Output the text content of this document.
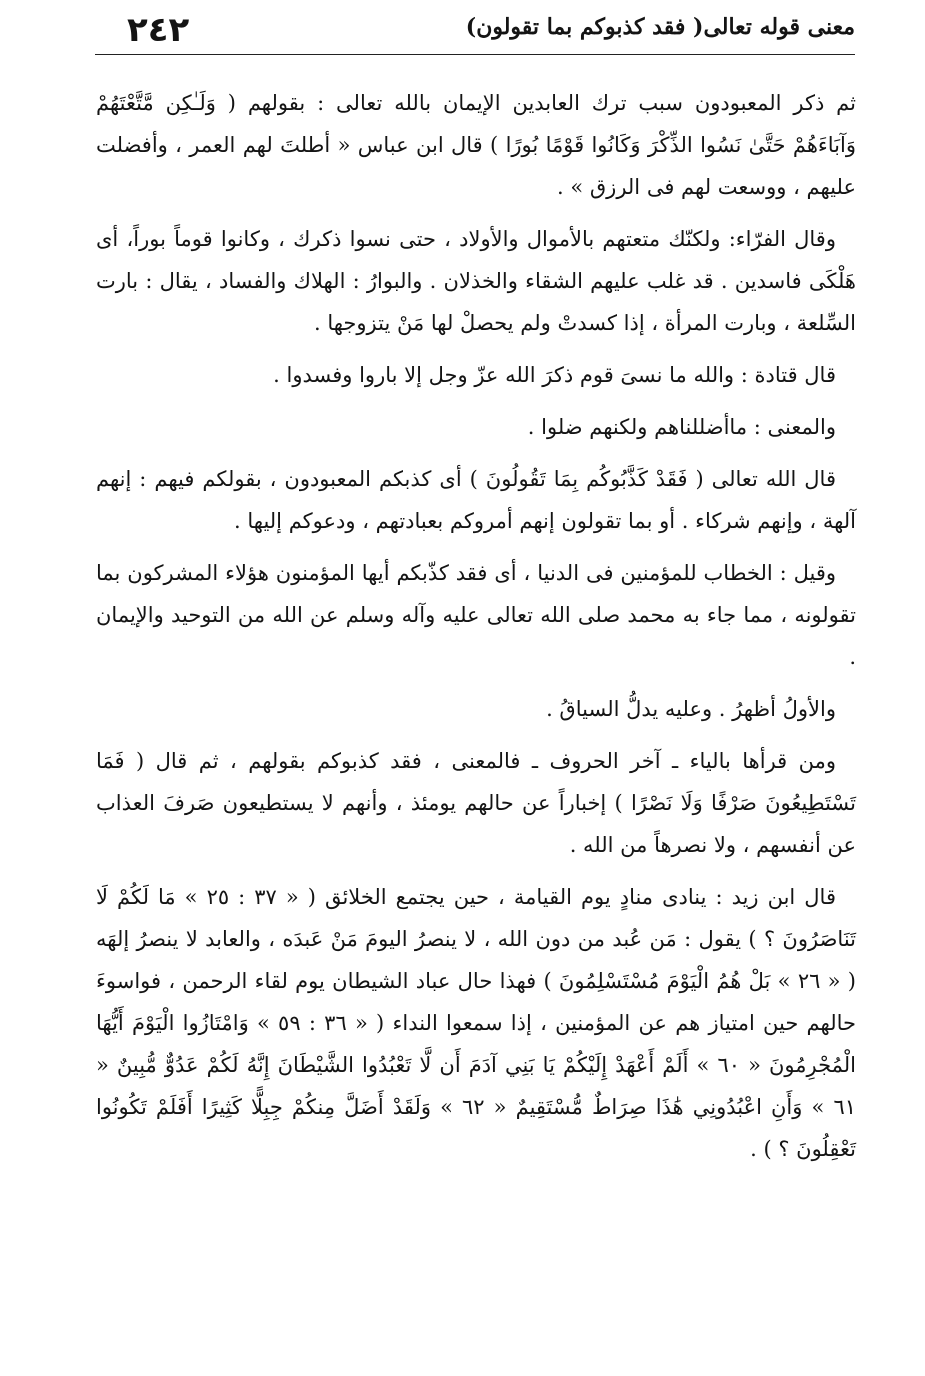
٢٤٢	معنى قوله تعالى( فقد كذبوكم بما تقولون)

ثم ذكر المعبودون سبب ترك العابدين الإيمان بالله تعالى : بقولهم ( وَلَـٰكِن مَّتَّعْتَهُمْ وَآبَاءَهُمْ حَتَّىٰ نَسُوا الذِّكْرَ وَكَانُوا قَوْمًا بُورًا ) قال ابن عباس « أطلتَ لهم العمر ، وأفضلت عليهم ، ووسعت لهم فى الرزق » .

وقال الفرّاء: ولكنّك متعتهم بالأموال والأولاد ، حتى نسوا ذكرك ، وكانوا قوماً بوراً، أى هَلْكَى فاسدين . قد غلب عليهم الشقاء والخذلان . والبوارُ : الهلاك والفساد ، يقال : بارت السِّلعة ، وبارت المرأة ، إذا كسدتْ ولم يحصلْ لها مَنْ يتزوجها .

قال قتادة : والله ما نسىَ قوم ذكرَ الله عزّ وجل إلا باروا وفسدوا .

والمعنى : ماأضللناهم ولكنهم ضلوا .

قال الله تعالى ( فَقَدْ كَذَّبُوكُم بِمَا تَقُولُونَ ) أى كذبكم المعبودون ، بقولكم فيهم : إنهم آلهة ، وإنهم شركاء . أو بما تقولون إنهم أمروكم بعبادتهم ، ودعوكم إليها .

وقيل : الخطاب للمؤمنين فى الدنيا ، أى فقد كذّبكم أيها المؤمنون هؤلاء المشركون بما تقولونه ، مما جاء به محمد صلى الله تعالى عليه وآله وسلم عن الله من التوحيد والإيمان .

والأولُ أظهرُ . وعليه يدلُّ السياقُ .

ومن قرأها بالياء ـ آخر الحروف ـ فالمعنى ، فقد كذبوكم بقولهم ، ثم قال ( فَمَا تَسْتَطِيعُونَ صَرْفًا وَلَا نَصْرًا ) إخباراً عن حالهم يومئذ ، وأنهم لا يستطيعون صَرفَ العذاب عن أنفسهم ، ولا نصرهاً من الله .

قال ابن زيد : ينادى منادٍ يوم القيامة ، حين يجتمع الخلائق ( « ٣٧ : ٢٥ » مَا لَكُمْ لَا تَنَاصَرُونَ ؟ ) يقول : مَن عُبد من دون الله ، لا ينصرُ اليومَ مَنْ عَبدَه ، والعابد لا ينصرُ إلهَه ( « ٢٦ » بَلْ هُمُ الْيَوْمَ مُسْتَسْلِمُونَ ) فهذا حال عباد الشيطان يوم لقاء الرحمن ، فواسوءَ حالهم حين امتياز هم عن المؤمنين ، إذا سمعوا النداء ( « ٣٦ : ٥٩ » وَامْتَازُوا الْيَوْمَ أَيُّهَا الْمُجْرِمُونَ « ٦٠ » أَلَمْ أَعْهَدْ إِلَيْكُمْ يَا بَنِي آدَمَ أَن لَّا تَعْبُدُوا الشَّيْطَانَ إِنَّهُ لَكُمْ عَدُوٌّ مُّبِينٌ « ٦١ » وَأَنِ اعْبُدُونِي هَٰذَا صِرَاطٌ مُّسْتَقِيمٌ « ٦٢ » وَلَقَدْ أَضَلَّ مِنكُمْ جِبِلًّا كَثِيرًا أَفَلَمْ تَكُونُوا تَعْقِلُونَ ؟ ) .
